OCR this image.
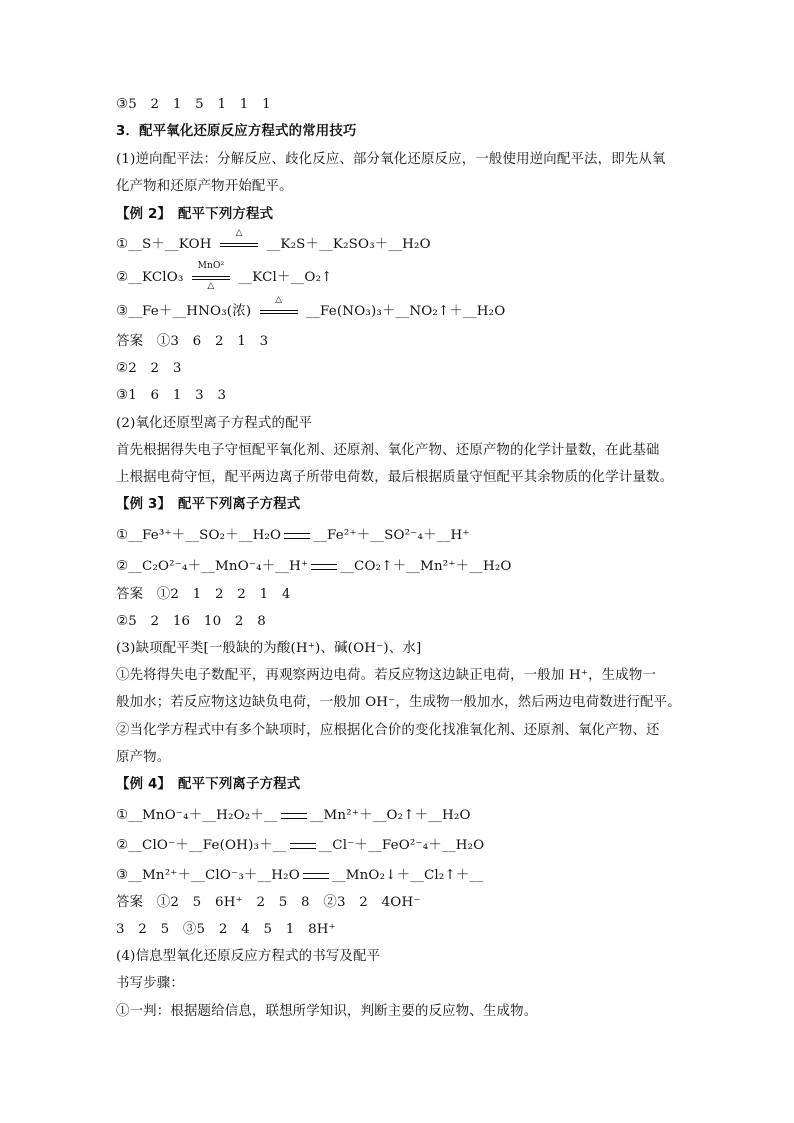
③5　2　1　5　1　1　1
3．配平氧化还原反应方程式的常用技巧
(1)逆向配平法：分解反应、歧化反应、部分氧化还原反应，一般使用逆向配平法，即先从氧
化产物和还原产物开始配平。
【例 2】　配平下列方程式
①__S＋__KOH
△
__K₂S＋__K₂SO₃＋__H₂O
②__KClO₃
MnO²
△
__KCl＋__O₂↑
③__Fe＋__HNO₃(浓)
△
__Fe(NO₃)₃＋__NO₂↑＋__H₂O
答案　①3　6　2　1　3
②2　2　3
③1　6　1　3　3
(2)氧化还原型离子方程式的配平
首先根据得失电子守恒配平氧化剂、还原剂、氧化产物、还原产物的化学计量数，在此基础
上根据电荷守恒，配平两边离子所带电荷数，最后根据质量守恒配平其余物质的化学计量数。
【例 3】　配平下列离子方程式
①__Fe³⁺＋__SO₂＋__H₂O __Fe²⁺＋__SO²⁻₄＋__H⁺
②__C₂O²⁻₄＋__MnO⁻₄＋__H⁺ __CO₂↑＋__Mn²⁺＋__H₂O
答案　①2　1　2　2　1　4
②5　2　16　10　2　8
(3)缺项配平类[一般缺的为酸(H⁺)、碱(OH⁻)、水]
①先将得失电子数配平，再观察两边电荷。若反应物这边缺正电荷，一般加 H⁺，生成物一
般加水；若反应物这边缺负电荷，一般加 OH⁻，生成物一般加水，然后两边电荷数进行配平。
②当化学方程式中有多个缺项时，应根据化合价的变化找准氧化剂、还原剂、氧化产物、还
原产物。
【例 4】　配平下列离子方程式
①__MnO⁻₄＋__H₂O₂＋__ __Mn²⁺＋__O₂↑＋__H₂O
②__ClO⁻＋__Fe(OH)₃＋__ __Cl⁻＋__FeO²⁻₄＋__H₂O
③__Mn²⁺＋__ClO⁻₃＋__H₂O __MnO₂↓＋__Cl₂↑＋__
答案　①2　5　6H⁺　2　5　8　②3　2　4OH⁻
3　2　5　③5　2　4　5　1　8H⁺
(4)信息型氧化还原反应方程式的书写及配平
书写步骤：
①一判：根据题给信息，联想所学知识，判断主要的反应物、生成物。
